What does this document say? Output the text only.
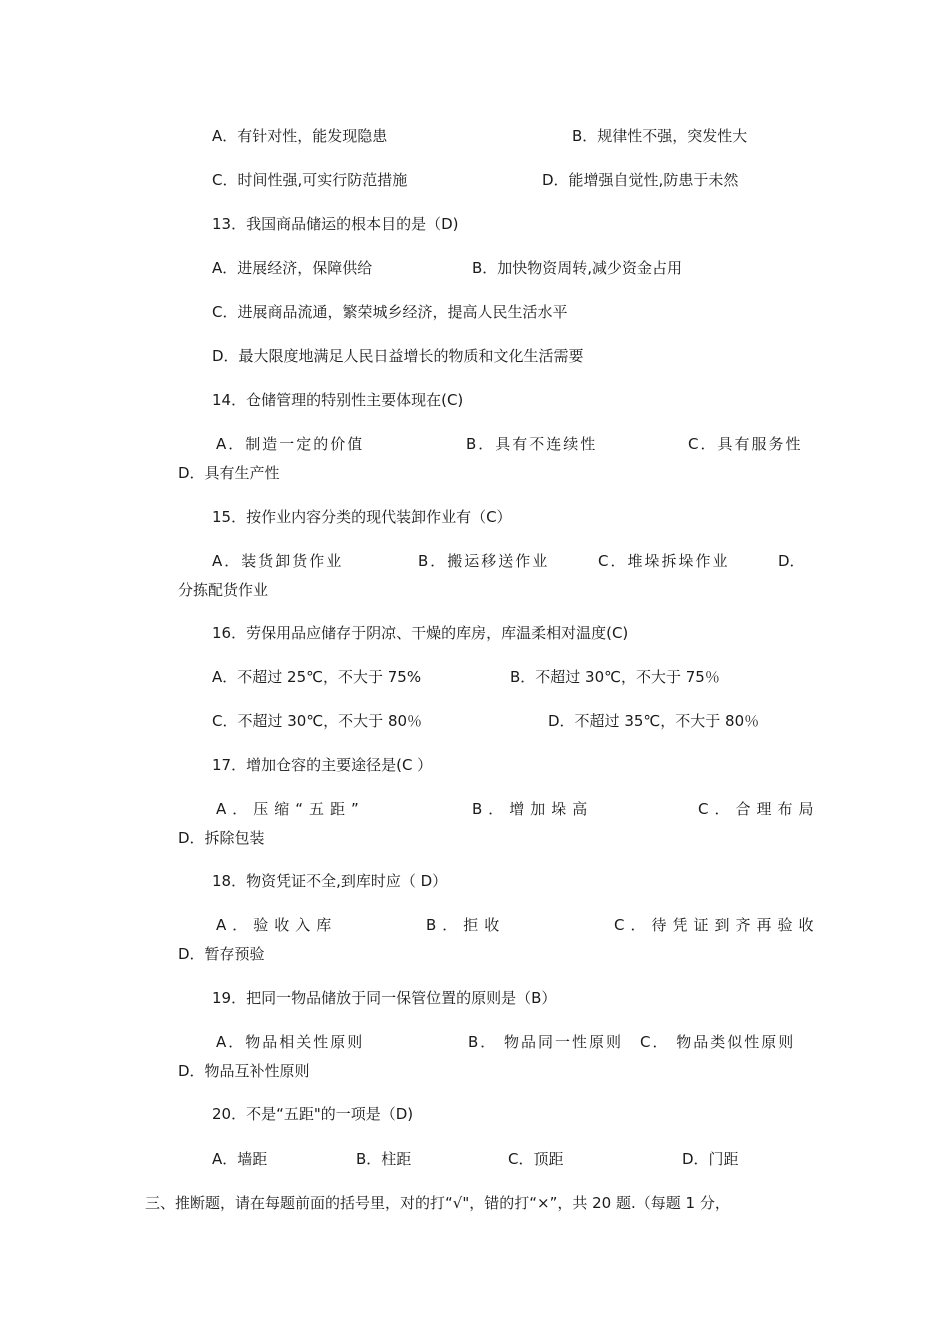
A．有针对性，能发现隐患	B．规律性不强，突发性大
C．时间性强,可实行防范措施	D．能增强自觉性,防患于未然
13．我国商品储运的根本目的是（D)
A．进展经济，保障供给	B．加快物资周转,减少资金占用
C．进展商品流通，繁荣城乡经济，提高人民生活水平
D．最大限度地满足人民日益增长的物质和文化生活需要
14．仓储管理的特别性主要体现在(C)
A．制造一定的价值	B．具有不连续性	C．具有服务性
D．具有生产性
15．按作业内容分类的现代装卸作业有（C）
A．装货卸货作业	B．搬运移送作业	C．堆垛拆垛作业	D．
分拣配货作业
16．劳保用品应储存于阴凉、干燥的库房，库温柔相对温度(C)
A．不超过 25℃，不大于 75%	B．不超过 30℃，不大于 75％
C．不超过 30℃，不大于 80％	D．不超过 35℃，不大于 80％
17．增加仓容的主要途径是(C ）
A．压缩“五距”	B．增加垛高	C．合理布局
D．拆除包装
18．物资凭证不全,到库时应（ D）
A．验收入库	B．拒收	C．待凭证到齐再验收
D．暂存预验
19．把同一物品储放于同一保管位置的原则是（B）
A．物品相关性原则	B． 物品同一性原则 C． 物品类似性原则
D．物品互补性原则
20．不是“五距"的一项是（D)
A．墙距	B．柱距	C．顶距	D．门距
三、推断题，请在每题前面的括号里，对的打“√"，错的打“×”，共 20 题.（每题 1 分，
